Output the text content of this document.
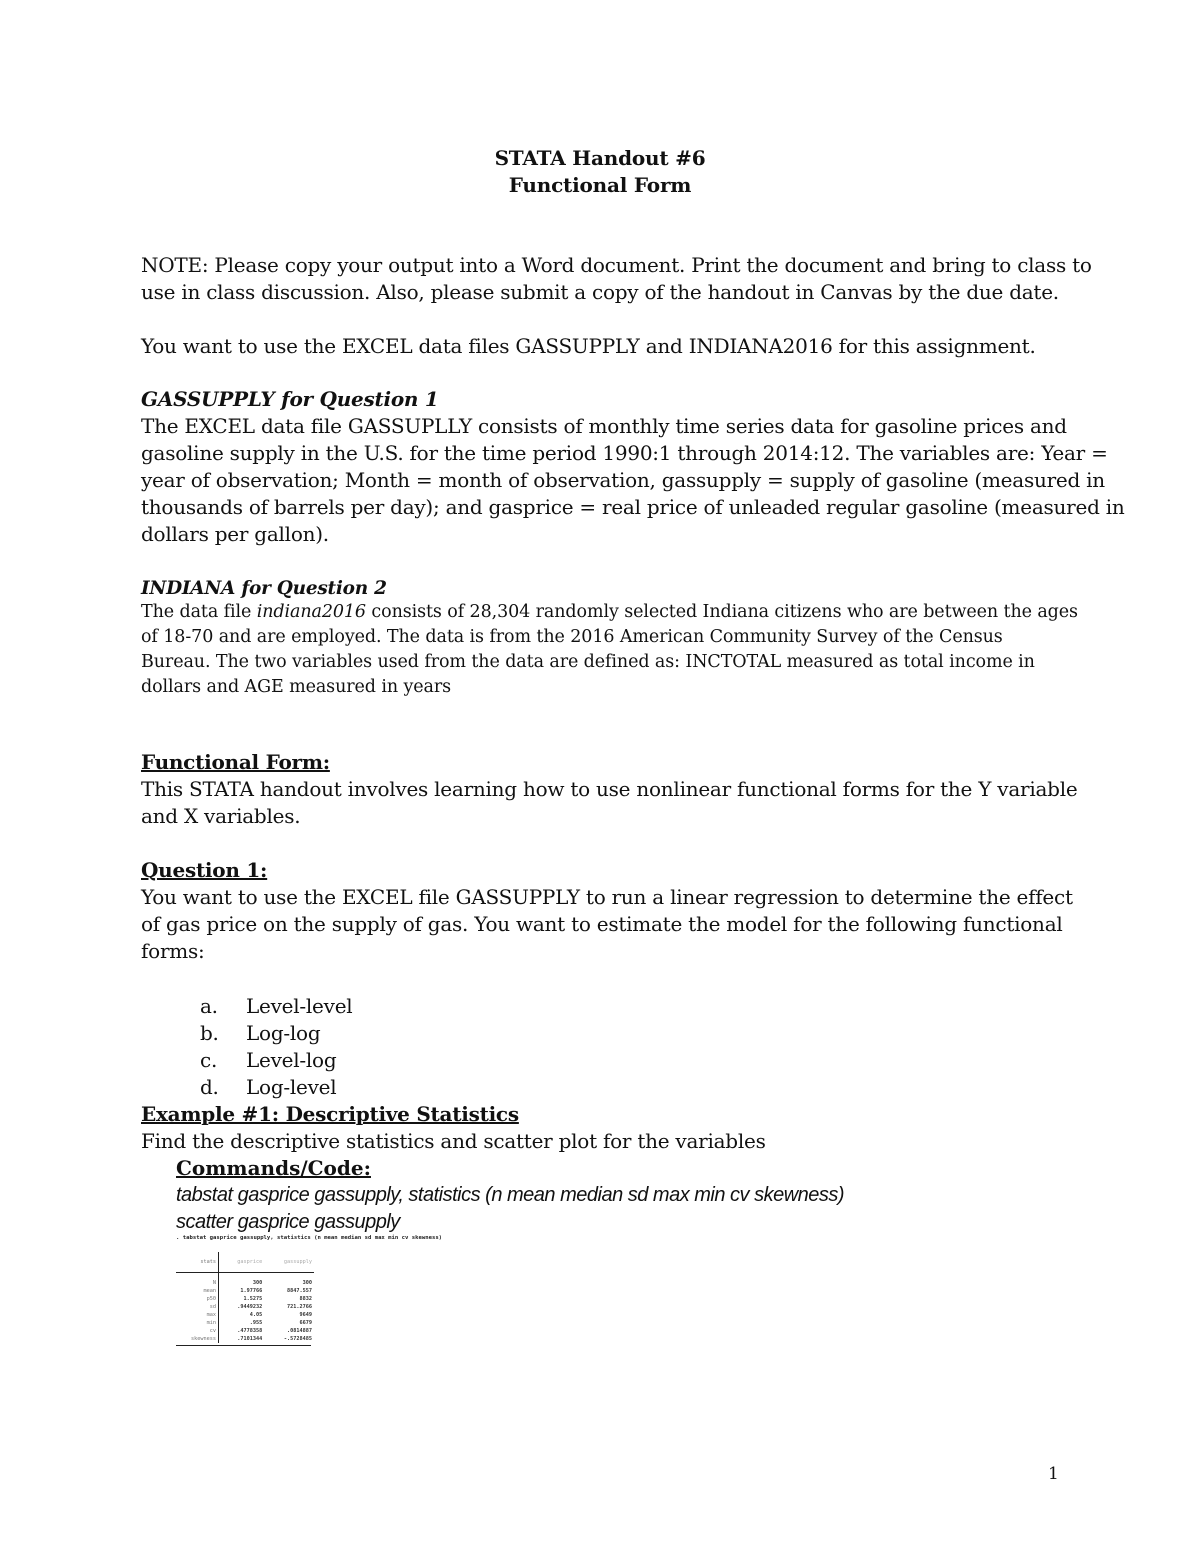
STATA Handout #6
Functional Form
NOTE: Please copy your output into a Word document. Print the document and bring to class to
use in class discussion. Also, please submit a copy of the handout in Canvas by the due date.
You want to use the EXCEL data files GASSUPPLY and INDIANA2016 for this assignment.
GASSUPPLY for Question 1
The EXCEL data file GASSUPLLY consists of monthly time series data for gasoline prices and
gasoline supply in the U.S. for the time period 1990:1 through 2014:12. The variables are: Year =
year of observation; Month = month of observation, gassupply = supply of gasoline (measured in
thousands of barrels per day); and gasprice = real price of unleaded regular gasoline (measured in
dollars per gallon).
INDIANA for Question 2
The data file indiana2016 consists of 28,304 randomly selected Indiana citizens who are between the ages
of 18-70 and are employed. The data is from the 2016 American Community Survey of the Census
Bureau. The two variables used from the data are defined as: INCTOTAL measured as total income in
dollars and AGE measured in years
Functional Form:
This STATA handout involves learning how to use nonlinear functional forms for the Y variable
and X variables.
Question 1:
You want to use the EXCEL file GASSUPPLY to run a linear regression to determine the effect
of gas price on the supply of gas. You want to estimate the model for the following functional
forms:
a. Level-level
b. Log-log
c. Level-log
d. Log-level
Example #1: Descriptive Statistics
Find the descriptive statistics and scatter plot for the variables
Commands/Code:
tabstat gasprice gassupply, statistics (n mean median sd max min cv skewness)
scatter gasprice gassupply
. tabstat gasprice gassupply, statistics (n mean median sd max min cv skewness)
stats	gasprice	gassupply
N	300	300
mean	1.97766	8847.557
p50	1.5275	8832
sd	.9449232	721.2766
max	4.05	9649
min	.955	6679
cv	.4778358	.0814887
skewness	.7101344	-.5728485
1
